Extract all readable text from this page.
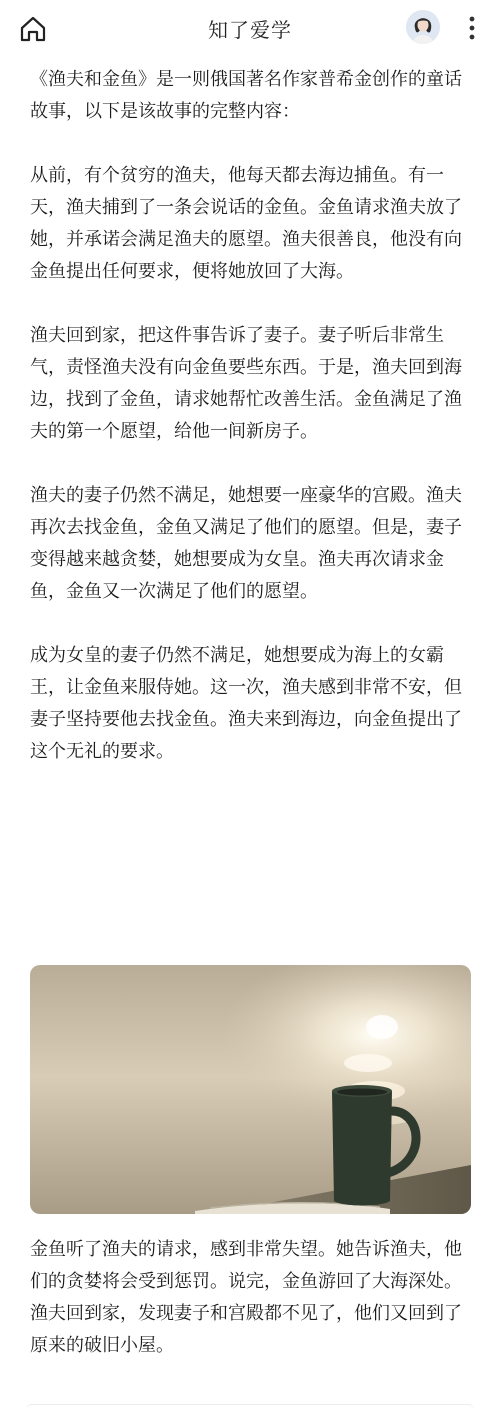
知了爱学

《渔夫和金鱼》是一则俄国著名作家普希金创作的童话故事，以下是该故事的完整内容：

从前，有个贫穷的渔夫，他每天都去海边捕鱼。有一天，渔夫捕到了一条会说话的金鱼。金鱼请求渔夫放了她，并承诺会满足渔夫的愿望。渔夫很善良，他没有向金鱼提出任何要求，便将她放回了大海。

渔夫回到家，把这件事告诉了妻子。妻子听后非常生气，责怪渔夫没有向金鱼要些东西。于是，渔夫回到海边，找到了金鱼，请求她帮忙改善生活。金鱼满足了渔夫的第一个愿望，给他一间新房子。

渔夫的妻子仍然不满足，她想要一座豪华的宫殿。渔夫再次去找金鱼，金鱼又满足了他们的愿望。但是，妻子变得越来越贪婪，她想要成为女皇。渔夫再次请求金鱼，金鱼又一次满足了他们的愿望。

成为女皇的妻子仍然不满足，她想要成为海上的女霸王，让金鱼来服侍她。这一次，渔夫感到非常不安，但妻子坚持要他去找金鱼。渔夫来到海边，向金鱼提出了这个无礼的要求。

金鱼听了渔夫的请求，感到非常失望。她告诉渔夫，他们的贪婪将会受到惩罚。说完，金鱼游回了大海深处。渔夫回到家，发现妻子和宫殿都不见了，他们又回到了原来的破旧小屋。
